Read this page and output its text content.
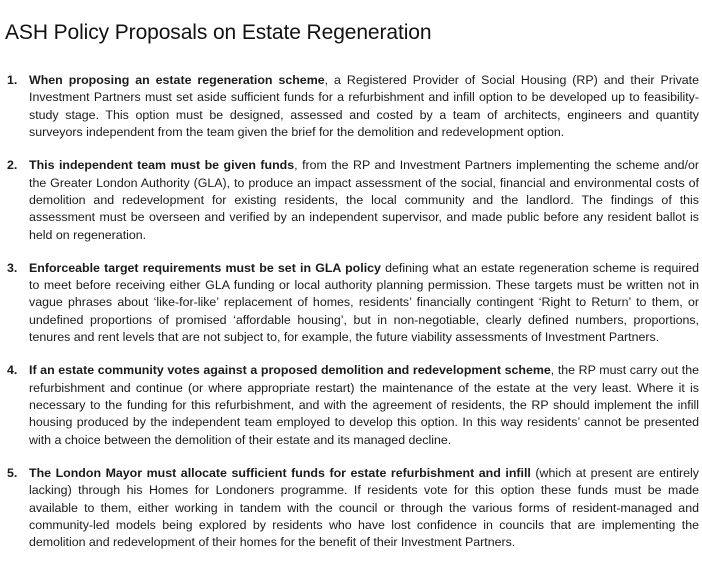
ASH Policy Proposals on Estate Regeneration
1. When proposing an estate regeneration scheme, a Registered Provider of Social Housing (RP) and their Private Investment Partners must set aside sufficient funds for a refurbishment and infill option to be developed up to feasibility-study stage. This option must be designed, assessed and costed by a team of architects, engineers and quantity surveyors independent from the team given the brief for the demolition and redevelopment option.
2. This independent team must be given funds, from the RP and Investment Partners implementing the scheme and/or the Greater London Authority (GLA), to produce an impact assessment of the social, financial and environmental costs of demolition and redevelopment for existing residents, the local community and the landlord. The findings of this assessment must be overseen and verified by an independent supervisor, and made public before any resident ballot is held on regeneration.
3. Enforceable target requirements must be set in GLA policy defining what an estate regeneration scheme is required to meet before receiving either GLA funding or local authority planning permission. These targets must be written not in vague phrases about ‘like-for-like’ replacement of homes, residents’ financially contingent ‘Right to Return’ to them, or undefined proportions of promised ‘affordable housing’, but in non-negotiable, clearly defined numbers, proportions, tenures and rent levels that are not subject to, for example, the future viability assessments of Investment Partners.
4. If an estate community votes against a proposed demolition and redevelopment scheme, the RP must carry out the refurbishment and continue (or where appropriate restart) the maintenance of the estate at the very least. Where it is necessary to the funding for this refurbishment, and with the agreement of residents, the RP should implement the infill housing produced by the independent team employed to develop this option. In this way residents’ cannot be presented with a choice between the demolition of their estate and its managed decline.
5. The London Mayor must allocate sufficient funds for estate refurbishment and infill (which at present are entirely lacking) through his Homes for Londoners programme. If residents vote for this option these funds must be made available to them, either working in tandem with the council or through the various forms of resident-managed and community-led models being explored by residents who have lost confidence in councils that are implementing the demolition and redevelopment of their homes for the benefit of their Investment Partners.
